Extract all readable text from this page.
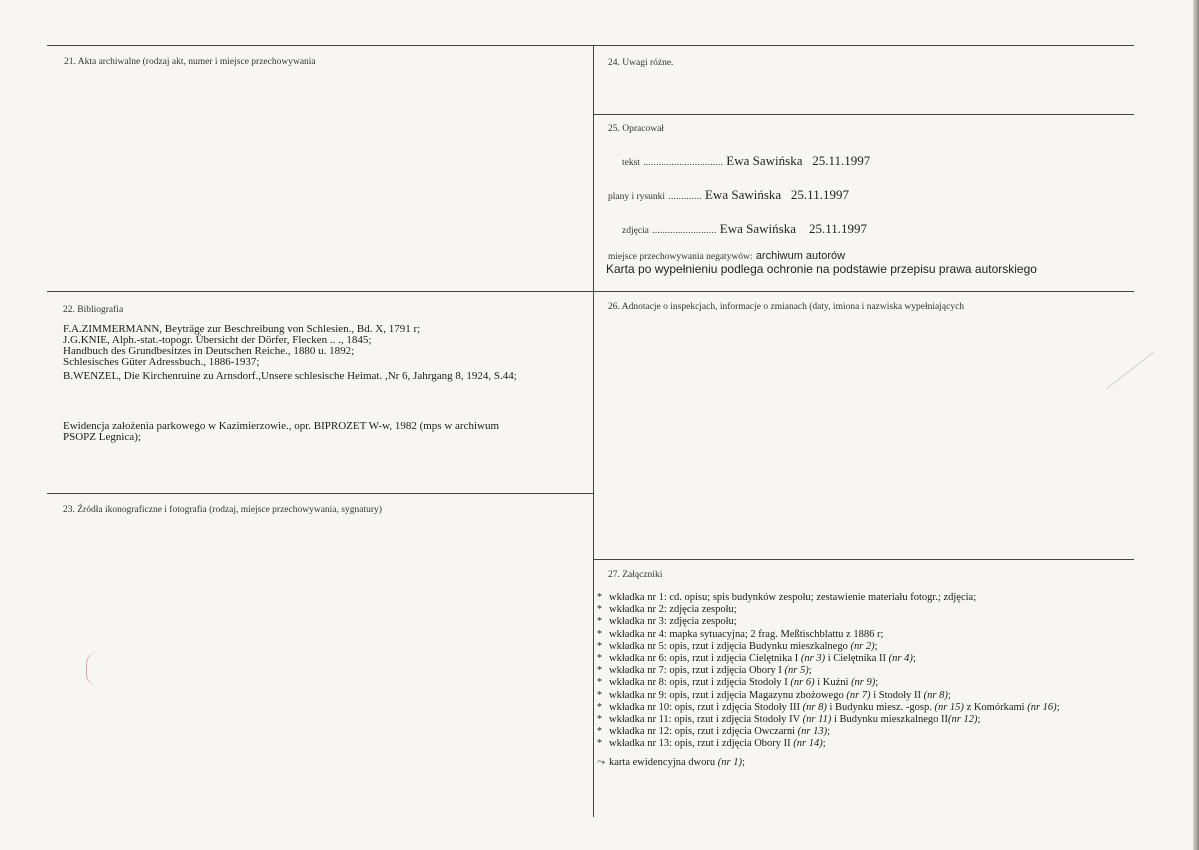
21. Akta archiwalne (rodzaj akt, numer i miejsce przechowywania	24. Uwagi różne.
25. Opracował
22. Bibliografia	26. Adnotacje o inspekcjach, informacje o zmianach (daty, imiona i nazwiska wypełniających
23. Źródła ikonograficzne i fotografia (rodzaj, miejsce przechowywania, sygnatury)
27. Załączniki
tekst ............................... Ewa Sawińska 25.11.1997
plany i rysunki ............. Ewa Sawińska 25.11.1997
zdjęcia ......................... Ewa Sawińska 25.11.1997
miejsce przechowywania negatywów: archiwum autorów
Karta po wypełnieniu podlega ochronie na podstawie przepisu prawa autorskiego
F.A.ZIMMERMANN, Beyträge zur Beschreibung von Schlesien., Bd. X, 1791 r;
J.G.KNIE, Alph.-stat.-topogr. Übersicht der Dörfer, Flecken .. ., 1845;
Handbuch des Grundbesitzes in Deutschen Reiche., 1880 u. 1892;
Schlesisches Güter Adressbuch., 1886-1937;
B.WENZEL, Die Kirchenruine zu Arnsdorf.,Unsere schlesische Heimat. ,Nr 6, Jahrgang 8, 1924, S.44;
Ewidencja założenia parkowego w Kazimierzowie., opr. BIPROZET W-w, 1982 (mps w archiwum
PSOPZ Legnica);
* wkładka nr 1: cd. opisu; spis budynków zespołu; zestawienie materiału fotogr.; zdjęcia;
* wkładka nr 2: zdjęcia zespołu;
* wkładka nr 3: zdjęcia zespołu;
* wkładka nr 4: mapka sytuacyjna; 2 frag. Meßtischblattu z 1886 r;
* wkładka nr 5: opis, rzut i zdjęcia Budynku mieszkalnego (nr 2);
* wkładka nr 6: opis, rzut i zdjęcia Cielętnika I (nr 3) i Cielętnika II (nr 4);
* wkładka nr 7: opis, rzut i zdjęcia Obory I (nr 5);
* wkładka nr 8: opis, rzut i zdjęcia Stodoły I (nr 6) i Kuźni (nr 9);
* wkładka nr 9: opis, rzut i zdjęcia Magazynu zbożowego (nr 7) i Stodoły II (nr 8);
* wkładka nr 10: opis, rzut i zdjęcia Stodoły III (nr 8) i Budynku miesz. -gosp. (nr 15) z Komórkami (nr 16);
* wkładka nr 11: opis, rzut i zdjęcia Stodoły IV (nr 11) i Budynku mieszkalnego II(nr 12);
* wkładka nr 12: opis, rzut i zdjęcia Owczarni (nr 13);
* wkładka nr 13: opis, rzut i zdjęcia Obory II (nr 14);
⤳ karta ewidencyjna dworu (nr 1);
